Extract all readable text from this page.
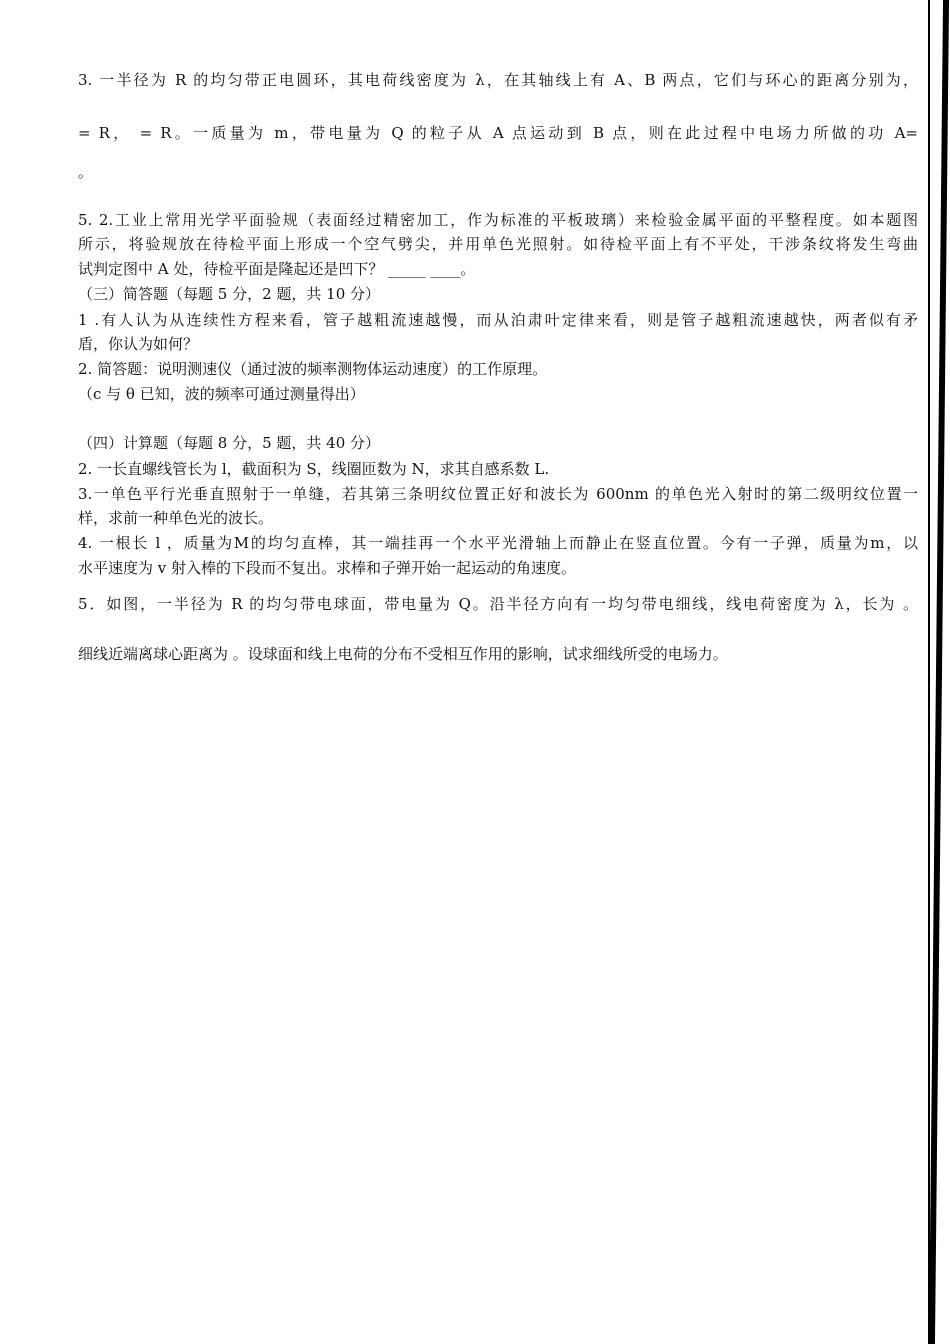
3. 一半径为 R 的均匀带正电圆环，其电荷线密度为 λ，在其轴线上有 A、B 两点，它们与环心的距离分别为，
= R， = R。一质量为 m，带电量为 Q 的粒子从 A 点运动到 B 点，则在此过程中电场力所做的功 A=
。
5. 2.工业上常用光学平面验规（表面经过精密加工，作为标准的平板玻璃）来检验金属平面的平整程度。如本题图
所示，将验规放在待检平面上形成一个空气劈尖，并用单色光照射。如待检平面上有不平处，干涉条纹将发生弯曲
试判定图中 A 处，待检平面是隆起还是凹下？ _____ ____。
（三）简答题（每题 5 分，2 题，共 10 分）
1 .有人认为从连续性方程来看，管子越粗流速越慢，而从泊肃叶定律来看，则是管子越粗流速越快，两者似有矛
盾，你认为如何？
2. 简答题：说明测速仪（通过波的频率测物体运动速度）的工作原理。
（c 与 θ 已知，波的频率可通过测量得出）
（四）计算题（每题 8 分，5 题，共 40 分）
2. 一长直螺线管长为 l，截面积为 S，线圈匝数为 N，求其自感系数 L.
3.一单色平行光垂直照射于一单缝，若其第三条明纹位置正好和波长为 600nm 的单色光入射时的第二级明纹位置一
样，求前一种单色光的波长。
4. 一根长 l ，质量为M的均匀直棒，其一端挂再一个水平光滑轴上而静止在竖直位置。今有一子弹，质量为m，以
水平速度为 v 射入棒的下段而不复出。求棒和子弹开始一起运动的角速度。
5．如图，一半径为 R 的均匀带电球面，带电量为 Q。沿半径方向有一均匀带电细线，线电荷密度为 λ，长为 。
细线近端离球心距离为 。设球面和线上电荷的分布不受相互作用的影响，试求细线所受的电场力。
